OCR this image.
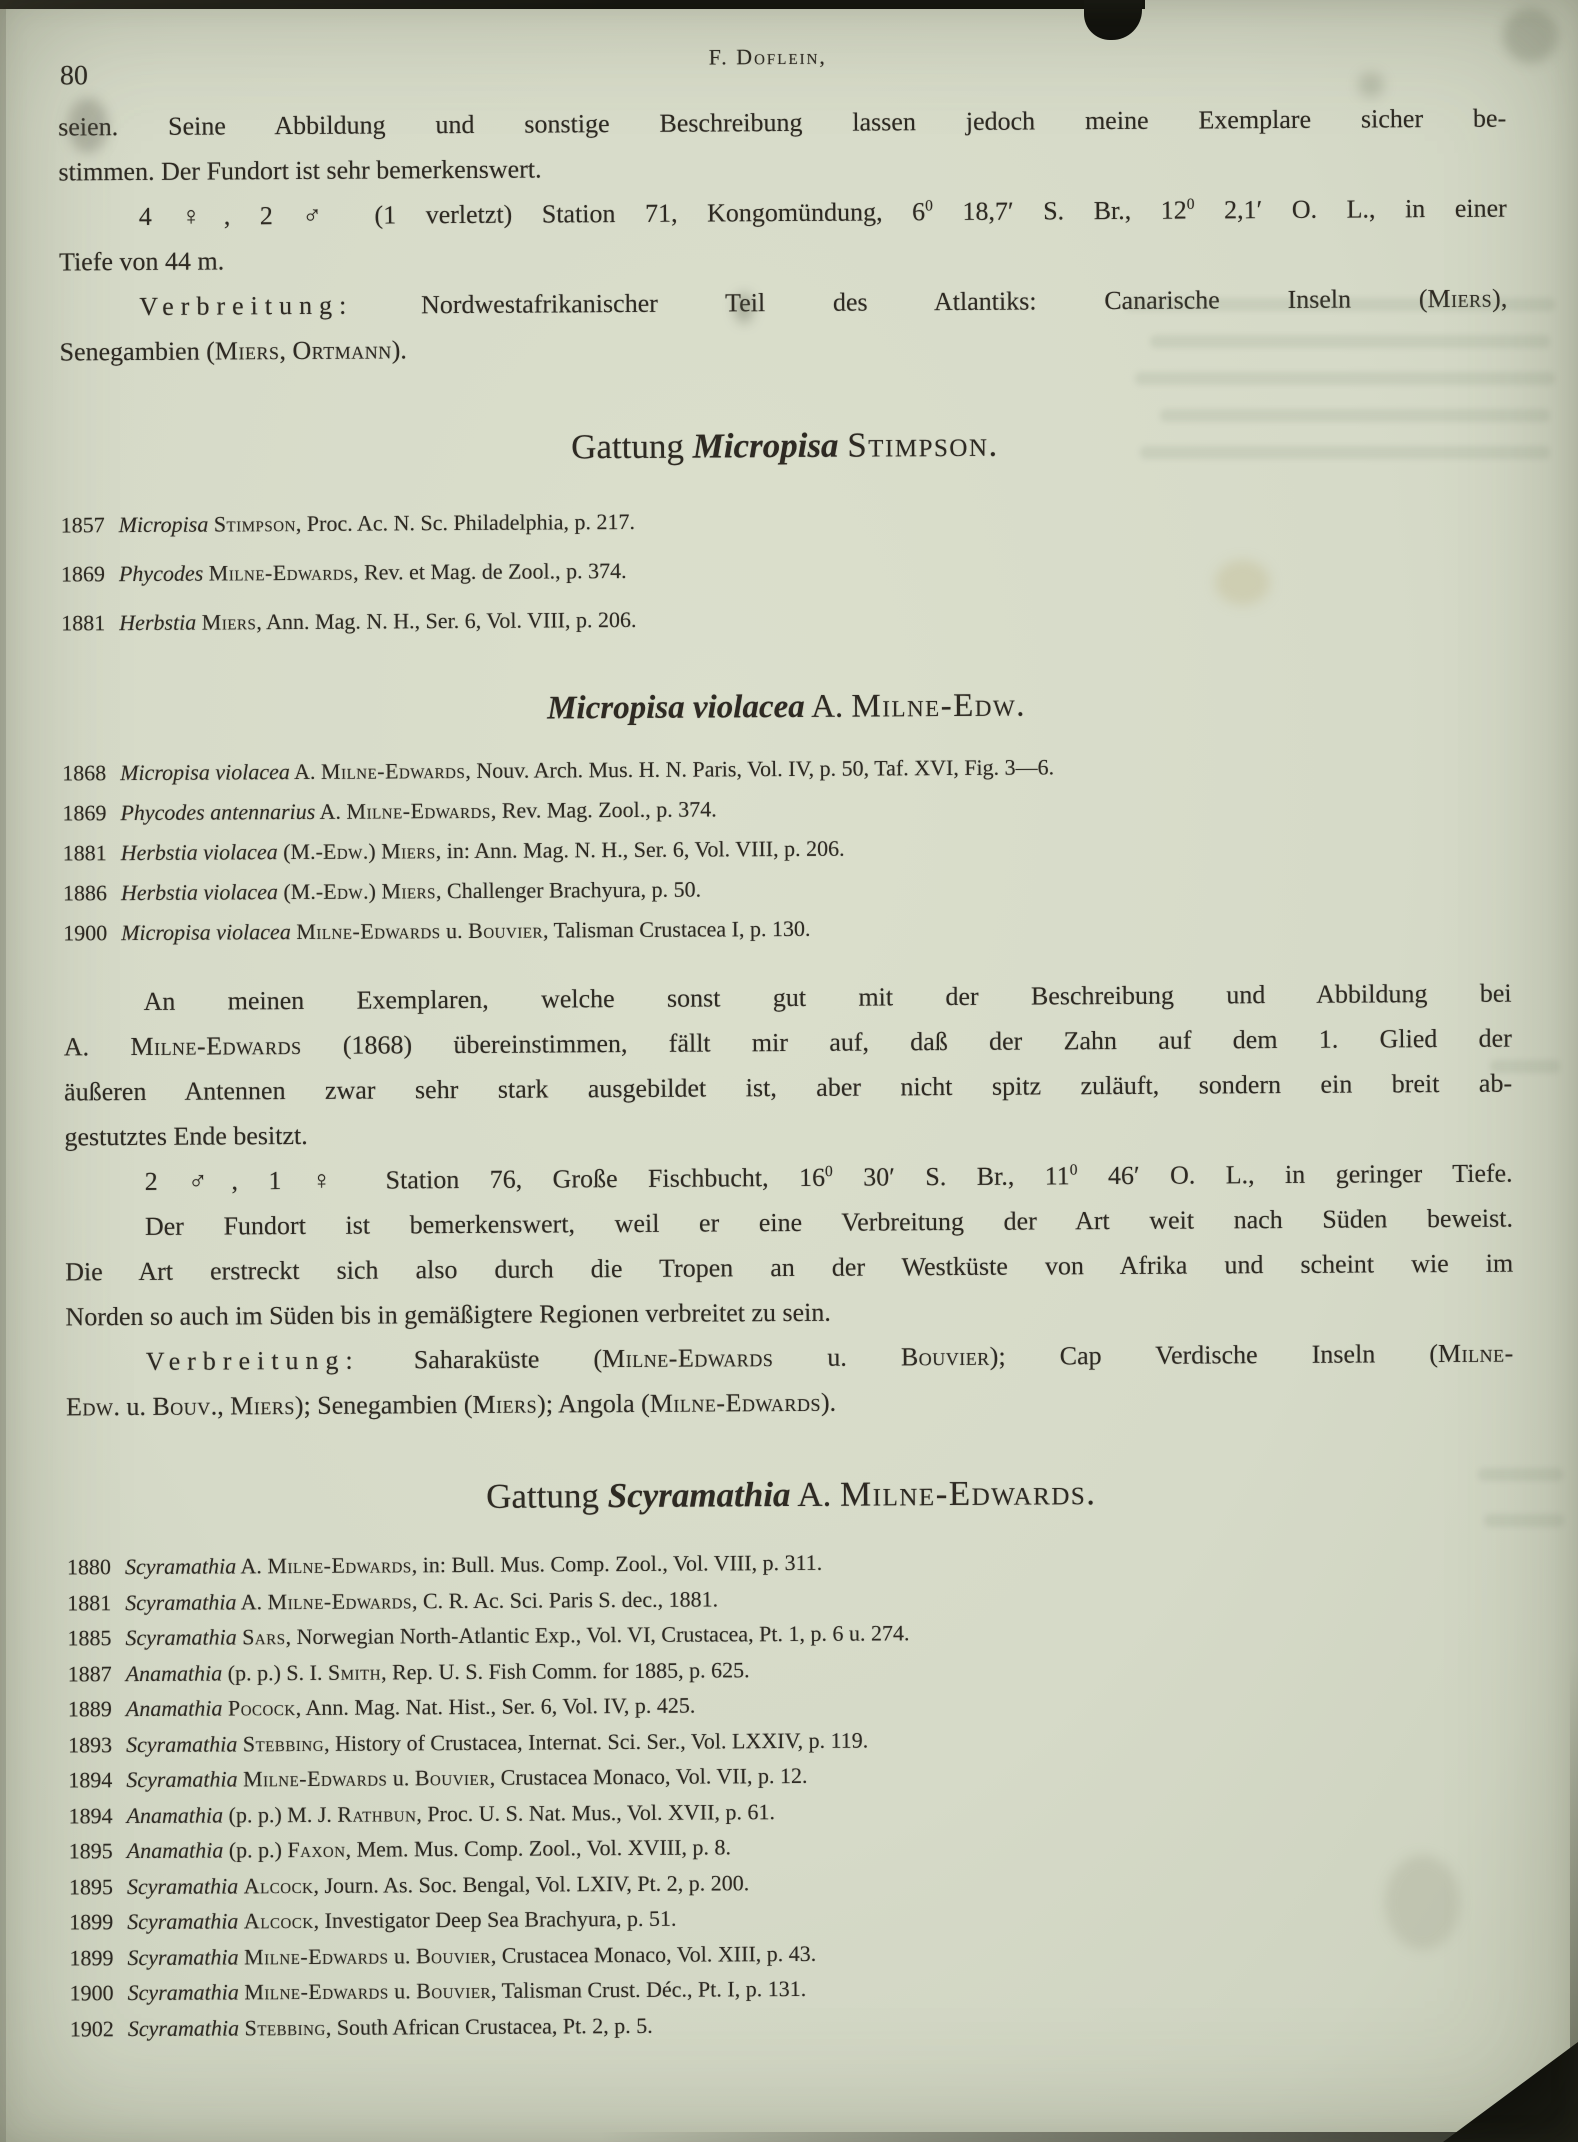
F. Doflein,
80
seien. Seine Abbildung und sonstige Beschreibung lassen jedoch meine Exemplare sicher be-
stimmen. Der Fundort ist sehr bemerkenswert.
4 ♀, 2 ♂ (1 verletzt) Station 71, Kongomündung, $6^0$ 18,7′ S. Br., $12^0$ 2,1′ O. L., in einer
Tiefe von 44 m.
Verbreitung: Nordwestafrikanischer Teil des Atlantiks: Canarische Inseln (Miers),
Senegambien (Miers, Ortmann).
Gattung Micropisa Stimpson.
1857 Micropisa Stimpson, Proc. Ac. N. Sc. Philadelphia, p. 217.
1869 Phycodes Milne-Edwards, Rev. et Mag. de Zool., p. 374.
1881 Herbstia Miers, Ann. Mag. N. H., Ser. 6, Vol. VIII, p. 206.
Micropisa violacea A. Milne-Edw.
1868 Micropisa violacea A. Milne-Edwards, Nouv. Arch. Mus. H. N. Paris, Vol. IV, p. 50, Taf. XVI, Fig. 3—6.
1869 Phycodes antennarius A. Milne-Edwards, Rev. Mag. Zool., p. 374.
1881 Herbstia violacea (M.-Edw.) Miers, in: Ann. Mag. N. H., Ser. 6, Vol. VIII, p. 206.
1886 Herbstia violacea (M.-Edw.) Miers, Challenger Brachyura, p. 50.
1900 Micropisa violacea Milne-Edwards u. Bouvier, Talisman Crustacea I, p. 130.
An meinen Exemplaren, welche sonst gut mit der Beschreibung und Abbildung bei
A. Milne-Edwards (1868) übereinstimmen, fällt mir auf, daß der Zahn auf dem 1. Glied der
äußeren Antennen zwar sehr stark ausgebildet ist, aber nicht spitz zuläuft, sondern ein breit ab-
gestutztes Ende besitzt.
2 ♂, 1 ♀ Station 76, Große Fischbucht, $16^0$ 30′ S. Br., $11^0$ 46′ O. L., in geringer Tiefe.
Der Fundort ist bemerkenswert, weil er eine Verbreitung der Art weit nach Süden beweist.
Die Art erstreckt sich also durch die Tropen an der Westküste von Afrika und scheint wie im
Norden so auch im Süden bis in gemäßigtere Regionen verbreitet zu sein.
Verbreitung: Saharaküste (Milne-Edwards u. Bouvier); Cap Verdische Inseln (Milne-
Edw. u. Bouv., Miers); Senegambien (Miers); Angola (Milne-Edwards).
Gattung Scyramathia A. Milne-Edwards.
1880 Scyramathia A. Milne-Edwards, in: Bull. Mus. Comp. Zool., Vol. VIII, p. 311.
1881 Scyramathia A. Milne-Edwards, C. R. Ac. Sci. Paris S. dec., 1881.
1885 Scyramathia Sars, Norwegian North-Atlantic Exp., Vol. VI, Crustacea, Pt. 1, p. 6 u. 274.
1887 Anamathia (p. p.) S. I. Smith, Rep. U. S. Fish Comm. for 1885, p. 625.
1889 Anamathia Pocock, Ann. Mag. Nat. Hist., Ser. 6, Vol. IV, p. 425.
1893 Scyramathia Stebbing, History of Crustacea, Internat. Sci. Ser., Vol. LXXIV, p. 119.
1894 Scyramathia Milne-Edwards u. Bouvier, Crustacea Monaco, Vol. VII, p. 12.
1894 Anamathia (p. p.) M. J. Rathbun, Proc. U. S. Nat. Mus., Vol. XVII, p. 61.
1895 Anamathia (p. p.) Faxon, Mem. Mus. Comp. Zool., Vol. XVIII, p. 8.
1895 Scyramathia Alcock, Journ. As. Soc. Bengal, Vol. LXIV, Pt. 2, p. 200.
1899 Scyramathia Alcock, Investigator Deep Sea Brachyura, p. 51.
1899 Scyramathia Milne-Edwards u. Bouvier, Crustacea Monaco, Vol. XIII, p. 43.
1900 Scyramathia Milne-Edwards u. Bouvier, Talisman Crust. Déc., Pt. I, p. 131.
1902 Scyramathia Stebbing, South African Crustacea, Pt. 2, p. 5.
